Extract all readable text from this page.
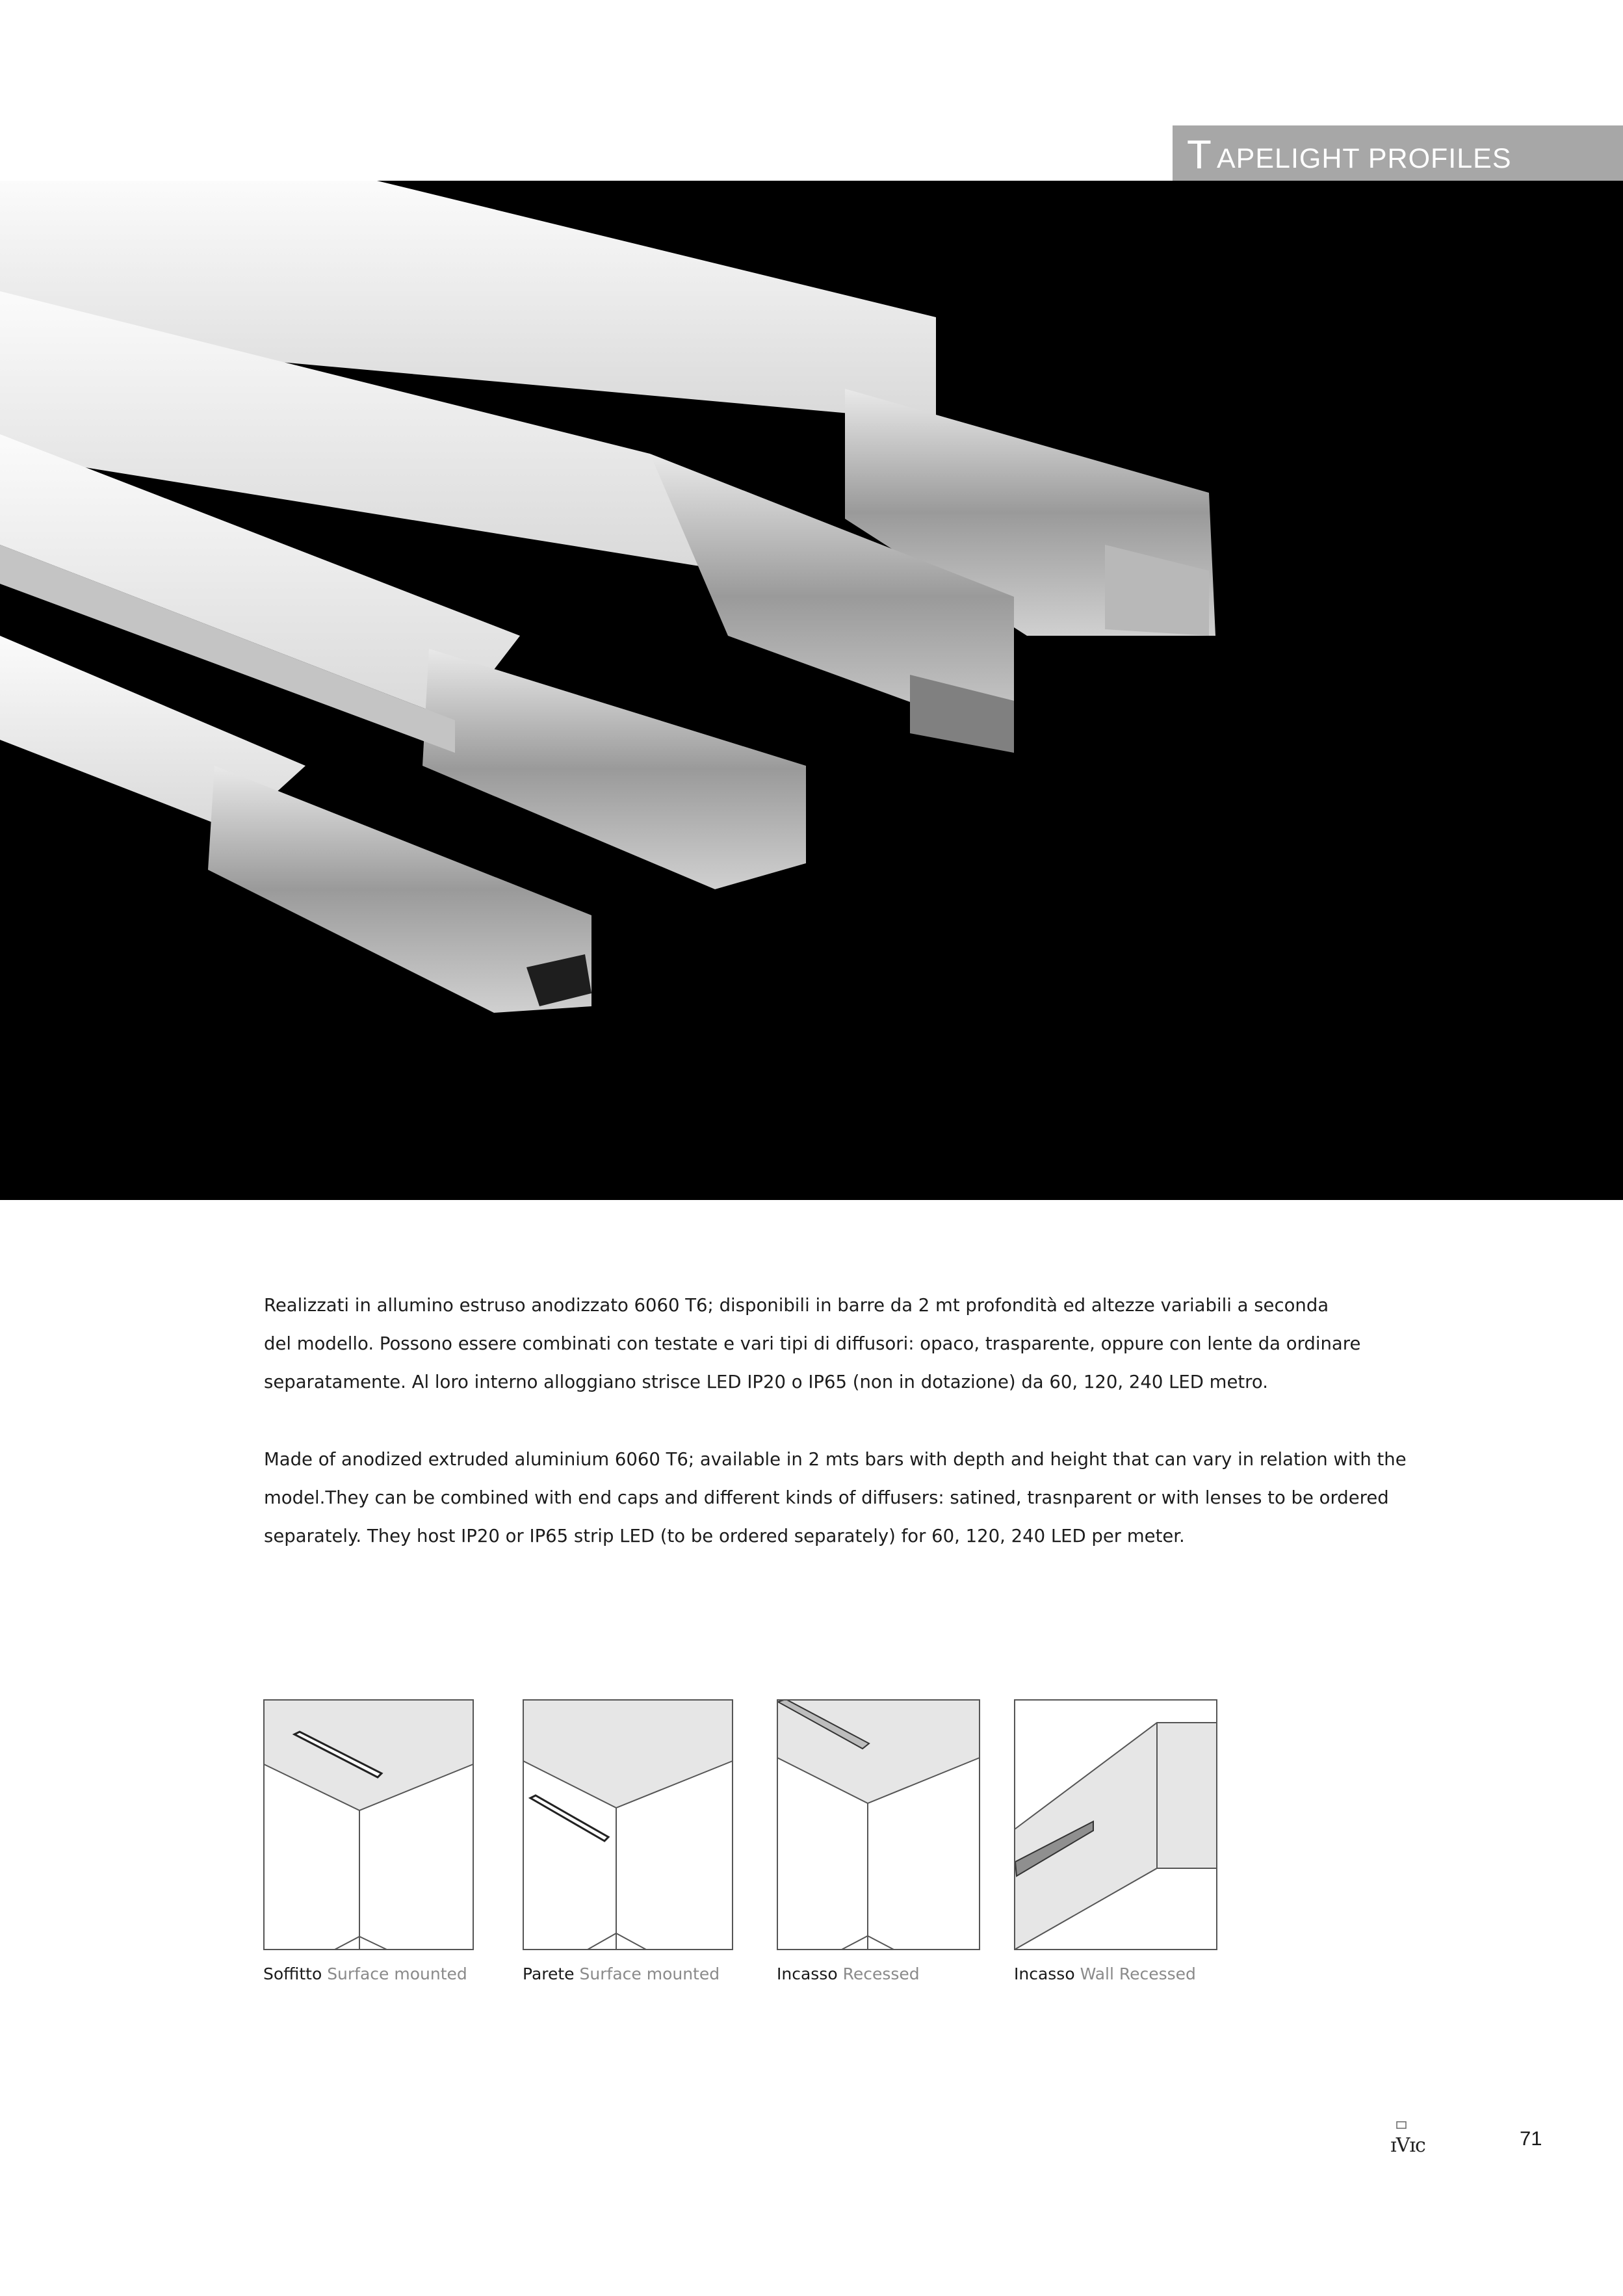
T APELIGHT PROFILES

Realizzati in allumino estruso anodizzato 6060 T6; disponibili in barre da 2 mt profondità ed altezze variabili a seconda

del modello. Possono essere combinati con testate e vari tipi di diffusori: opaco, trasparente, oppure con lente da ordinare

separatamente. Al loro interno alloggiano strisce LED IP20 o IP65 (non in dotazione) da 60, 120, 240 LED metro.

Made of anodized extruded aluminium 6060 T6; available in 2 mts bars with depth and height that can vary in relation with the

model.They can be combined with end caps and different kinds of diffusers: satined, trasnparent or with lenses to be ordered

separately. They host IP20 or IP65 strip LED (to be ordered separately) for 60, 120, 240 LED per meter.

Soffitto Surface mounted	Parete Surface mounted	Incasso Recessed	Incasso Wall Recessed
ɪVɪc	71
